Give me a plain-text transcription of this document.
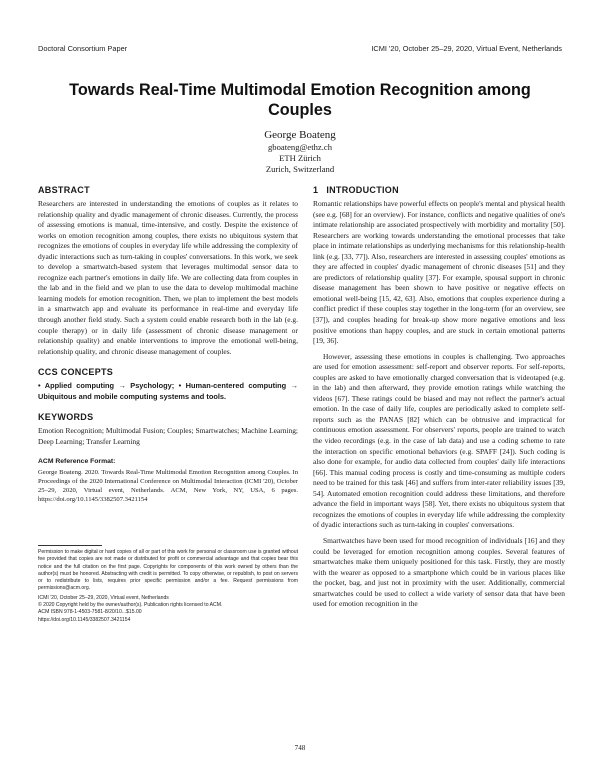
Doctoral Consortium Paper	ICMI '20, October 25–29, 2020, Virtual Event, Netherlands
Towards Real-Time Multimodal Emotion Recognition among Couples
George Boateng
gboateng@ethz.ch
ETH Zürich
Zurich, Switzerland
ABSTRACT

Researchers are interested in understanding the emotions of couples as it relates to relationship quality and dyadic management of chronic diseases. Currently, the process of assessing emotions is manual, time-intensive, and costly. Despite the existence of works on emotion recognition among couples, there exists no ubiquitous system that recognizes the emotions of couples in everyday life while addressing the complexity of dyadic interactions such as turn-taking in couples' conversations. In this work, we seek to develop a smartwatch-based system that leverages multimodal sensor data to recognize each partner's emotions in daily life. We are collecting data from couples in the lab and in the field and we plan to use the data to develop multimodal machine learning models for emotion recognition. Then, we plan to implement the best models in a smartwatch app and evaluate its performance in real-time and everyday life through another field study. Such a system could enable research both in the lab (e.g. couple therapy) or in daily life (assessment of chronic disease management or relationship quality) and enable interventions to improve the emotional well-being, relationship quality, and chronic disease management of couples.

CCS CONCEPTS
• Applied computing → Psychology; • Human-centered computing → Ubiquitous and mobile computing systems and tools.
KEYWORDS

Emotion Recognition; Multimodal Fusion; Couples; Smartwatches; Machine Learning; Deep Learning; Transfer Learning

ACM Reference Format:

George Boateng. 2020. Towards Real-Time Multimodal Emotion Recognition among Couples. In Proceedings of the 2020 International Conference on Multimodal Interaction (ICMI '20), October 25–29, 2020, Virtual event, Netherlands. ACM, New York, NY, USA, 6 pages. https://doi.org/10.1145/3382507.3421154

Permission to make digital or hard copies of all or part of this work for personal or classroom use is granted without fee provided that copies are not made or distributed for profit or commercial advantage and that copies bear this notice and the full citation on the first page. Copyrights for components of this work owned by others than the author(s) must be honored. Abstracting with credit is permitted. To copy otherwise, or republish, to post on servers or to redistribute to lists, requires prior specific permission and/or a fee. Request permissions from permissions@acm.org.

ICMI '20, October 25–29, 2020, Virtual event, Netherlands

© 2020 Copyright held by the owner/author(s). Publication rights licensed to ACM.

ACM ISBN 978-1-4503-7581-8/20/10...$15.00

https://doi.org/10.1145/3382507.3421154

1 INTRODUCTION

Romantic relationships have powerful effects on people's mental and physical health (see e.g. [68] for an overview). For instance, conflicts and negative qualities of one's intimate relationship are associated prospectively with morbidity and mortality [50]. Researchers are working towards understanding the emotional processes that take place in intimate relationships as underlying mechanisms for this relationship-health link (e.g. [33, 77]). Also, researchers are interested in assessing couples' emotions as they are affected in couples' dyadic management of chronic diseases [51] and they are predictors of relationship quality [37]. For example, spousal support in chronic disease management has been shown to have positive or negative effects on emotional well-being [15, 42, 63]. Also, emotions that couples experience during a conflict predict if these couples stay together in the long-term (for an overview, see [37]), and couples heading for break-up show more negative emotions and less positive emotions than happy couples, and are stuck in certain emotional patterns [19, 36].

However, assessing these emotions in couples is challenging. Two approaches are used for emotion assessment: self-report and observer reports. For self-reports, couples are asked to have emotionally charged conversation that is videotaped (e.g. in the lab) and then afterward, they provide emotion ratings while watching the videos [67]. These ratings could be biased and may not reflect the partner's actual emotion. In the case of daily life, couples are periodically asked to complete self-reports such as the PANAS [82] which can be obtrusive and impractical for continuous emotion assessment. For observers' reports, people are trained to watch the video recordings (e.g. in the case of lab data) and use a coding scheme to rate the interaction on specific emotional behaviors (e.g. SPAFF [24]). Such coding is also done for example, for audio data collected from couples' daily life interactions [66]. This manual coding process is costly and time-consuming as multiple coders need to be trained for this task [46] and suffers from inter-rater reliability issues [39, 54]. Automated emotion recognition could address these limitations, and therefore advance the field in important ways [58]. Yet, there exists no ubiquitous system that recognizes the emotions of couples in everyday life while addressing the complexity of dyadic interactions such as turn-taking in couples' conversations.

Smartwatches have been used for mood recognition of individuals [16] and they could be leveraged for emotion recognition among couples. Several features of smartwatches make them uniquely positioned for this task. Firstly, they are mostly with the wearer as opposed to a smartphone which could be in various places like the pocket, bag, and just not in proximity with the user. Additionally, commercial smartwatches could be used to collect a wide variety of sensor data that have been used for emotion recognition in the

748
